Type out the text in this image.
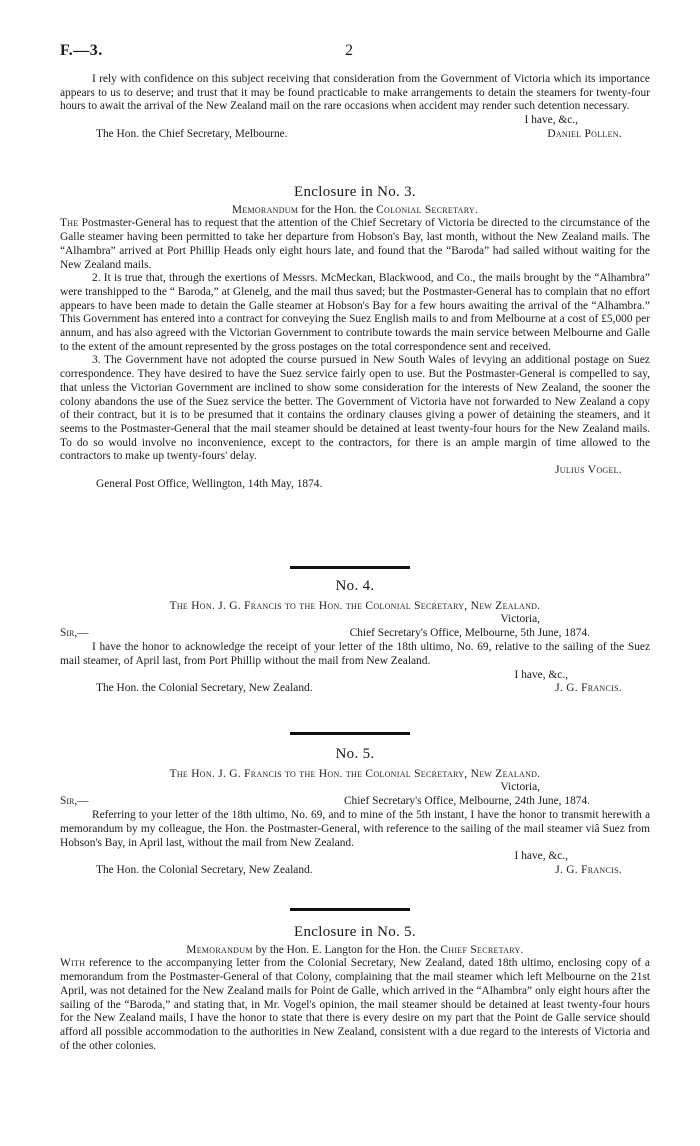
F.—3.	2

I rely with confidence on this subject receiving that consideration from the Government of Victoria which its importance appears to us to deserve; and trust that it may be found practicable to make arrangements to detain the steamers for twenty-four hours to await the arrival of the New Zealand mail on the rare occasions when accident may render such detention necessary.

I have, &c.,
The Hon. the Chief Secretary, Melbourne.	Daniel Pollen.

Enclosure in No. 3.

Memorandum for the Hon. the Colonial Secretary.

The Postmaster-General has to request that the attention of the Chief Secretary of Victoria be directed to the circumstance of the Galle steamer having been permitted to take her departure from Hobson's Bay, last month, without the New Zealand mails. The “Alhambra” arrived at Port Phillip Heads only eight hours late, and found that the “Baroda” had sailed without waiting for the New Zealand mails.

2. It is true that, through the exertions of Messrs. McMeckan, Blackwood, and Co., the mails brought by the “Alhambra” were transhipped to the “ Baroda,” at Glenelg, and the mail thus saved; but the Postmaster-General has to complain that no effort appears to have been made to detain the Galle steamer at Hobson's Bay for a few hours awaiting the arrival of the “Alhambra.” This Government has entered into a contract for conveying the Suez English mails to and from Melbourne at a cost of £5,000 per annum, and has also agreed with the Victorian Government to contribute towards the main service between Melbourne and Galle to the extent of the amount represented by the gross postages on the total correspondence sent and received.

3. The Government have not adopted the course pursued in New South Wales of levying an additional postage on Suez correspondence. They have desired to have the Suez service fairly open to use. But the Postmaster-General is compelled to say, that unless the Victorian Government are inclined to show some consideration for the interests of New Zealand, the sooner the colony abandons the use of the Suez service the better. The Government of Victoria have not forwarded to New Zealand a copy of their contract, but it is to be presumed that it contains the ordinary clauses giving a power of detaining the steamers, and it seems to the Postmaster-General that the mail steamer should be detained at least twenty-four hours for the New Zealand mails. To do so would involve no inconvenience, except to the contractors, for there is an ample margin of time allowed to the contractors to make up twenty-fours' delay.

Julius Vogel.
General Post Office, Wellington, 14th May, 1874.

No. 4.

The Hon. J. G. Francis to the Hon. the Colonial Secretary, New Zealand.

Victoria,
Sir,—	Chief Secretary's Office, Melbourne, 5th June, 1874.

I have the honor to acknowledge the receipt of your letter of the 18th ultimo, No. 69, relative to the sailing of the Suez mail steamer, of April last, from Port Phillip without the mail from New Zealand.

I have, &c.,
The Hon. the Colonial Secretary, New Zealand.	J. G. Francis.

No. 5.

The Hon. J. G. Francis to the Hon. the Colonial Secretary, New Zealand.

Victoria,
Sir,—	Chief Secretary's Office, Melbourne, 24th June, 1874.

Referring to your letter of the 18th ultimo, No. 69, and to mine of the 5th instant, I have the honor to transmit herewith a memorandum by my colleague, the Hon. the Postmaster-General, with reference to the sailing of the mail steamer viâ Suez from Hobson's Bay, in April last, without the mail from New Zealand.

I have, &c.,
The Hon. the Colonial Secretary, New Zealand.	J. G. Francis.

Enclosure in No. 5.

Memorandum by the Hon. E. Langton for the Hon. the Chief Secretary.

With reference to the accompanying letter from the Colonial Secretary, New Zealand, dated 18th ultimo, enclosing copy of a memorandum from the Postmaster-General of that Colony, complaining that the mail steamer which left Melbourne on the 21st April, was not detained for the New Zealand mails for Point de Galle, which arrived in the “Alhambra” only eight hours after the sailing of the “Baroda,” and stating that, in Mr. Vogel's opinion, the mail steamer should be detained at least twenty-four hours for the New Zealand mails, I have the honor to state that there is every desire on my part that the Point de Galle service should afford all possible accommodation to the authorities in New Zealand, consistent with a due regard to the interests of Victoria and of the other colonies.
